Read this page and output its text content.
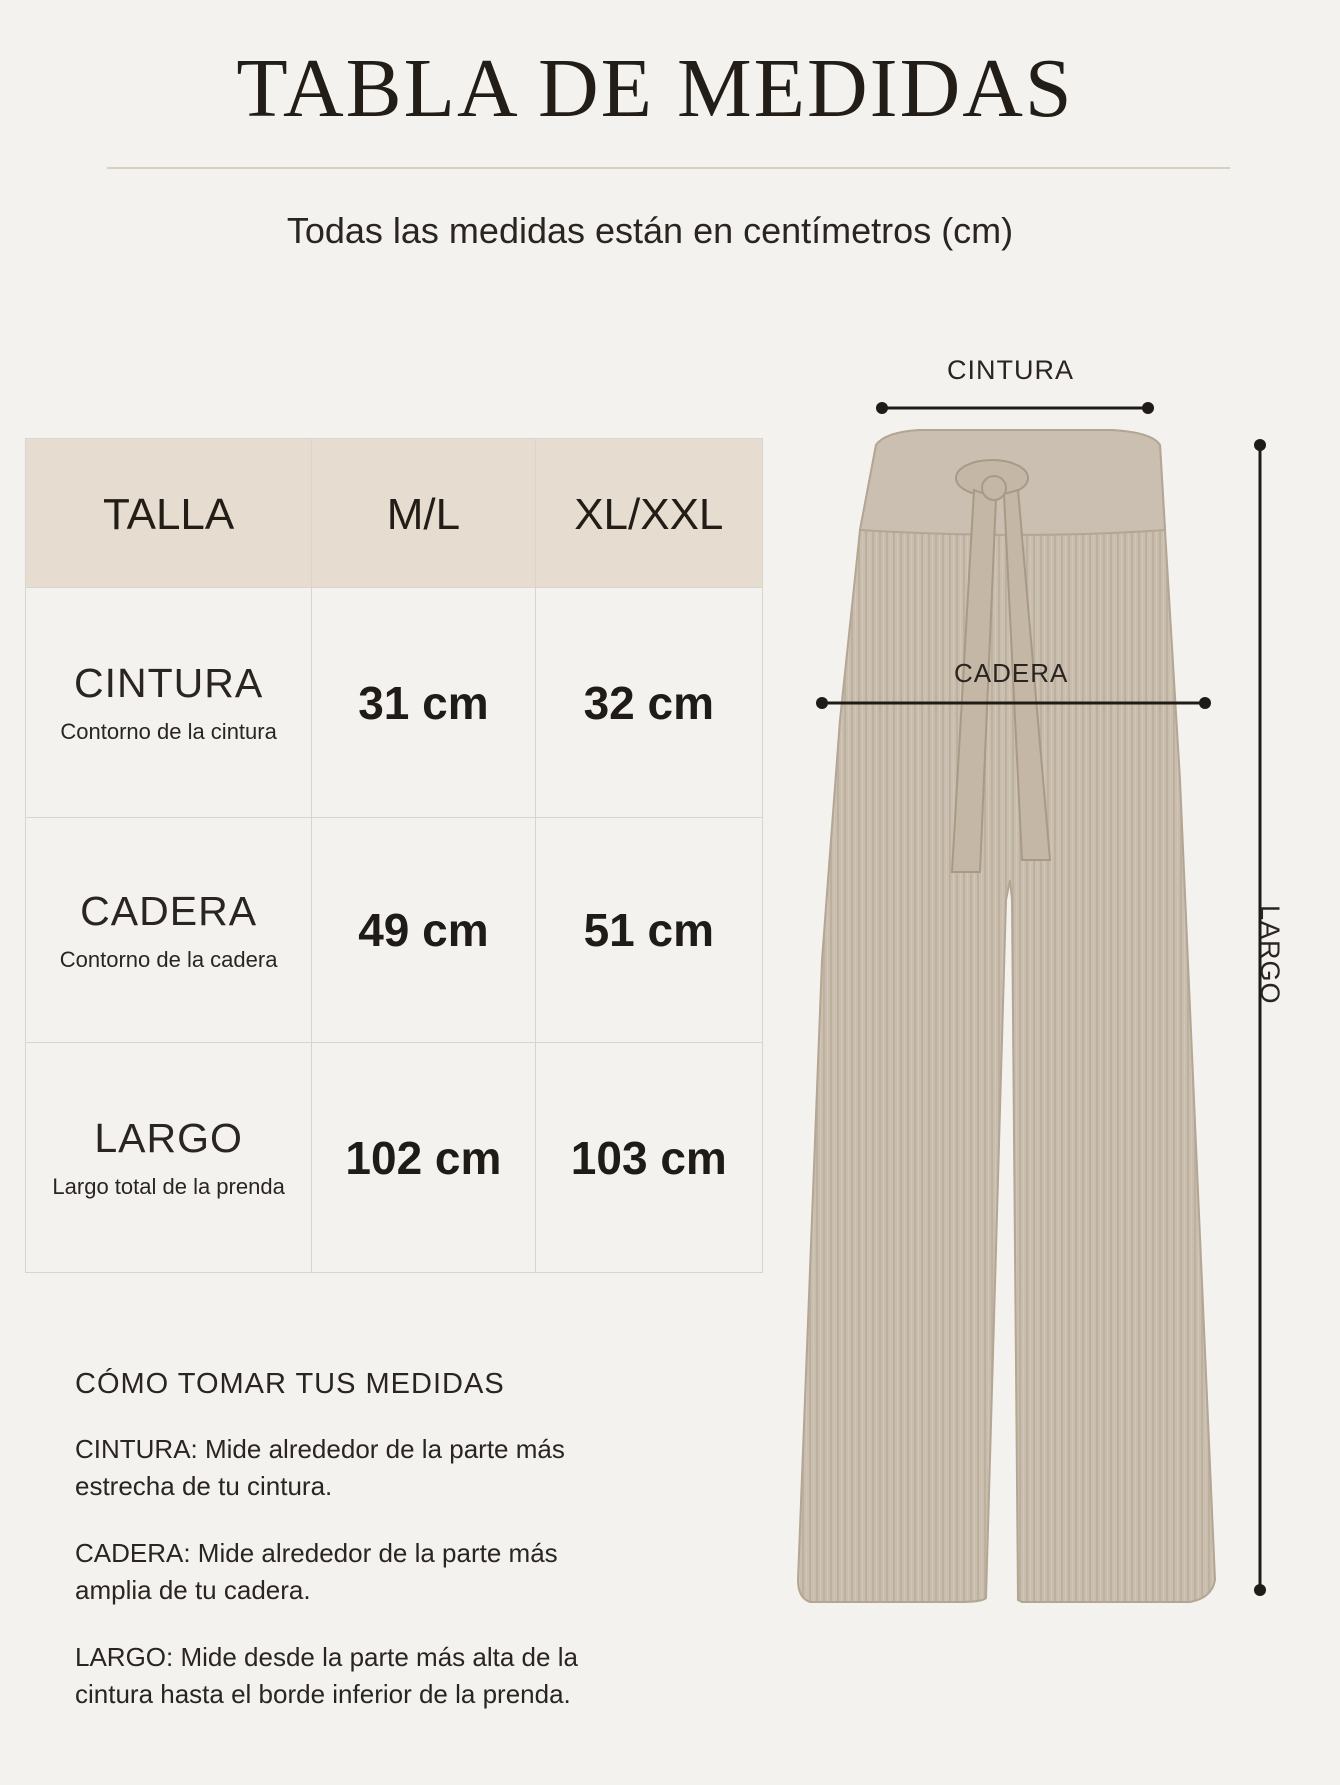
TABLA DE MEDIDAS
Todas las medidas están en centímetros (cm)
TALLA	M/L	XL/XXL
CINTURA
Contorno de la cintura
31 cm 32 cm
CADERA
Contorno de la cadera
49 cm 51 cm
LARGO
Largo total de la prenda
102 cm 103 cm
CÓMO TOMAR TUS MEDIDAS

CINTURA: Mide alrededor de la parte más estrecha de tu cintura.

CADERA: Mide alrededor de la parte más amplia de tu cadera.

LARGO: Mide desde la parte más alta de la cintura hasta el borde inferior de la prenda.

CINTURA
CADERA
LARGO
